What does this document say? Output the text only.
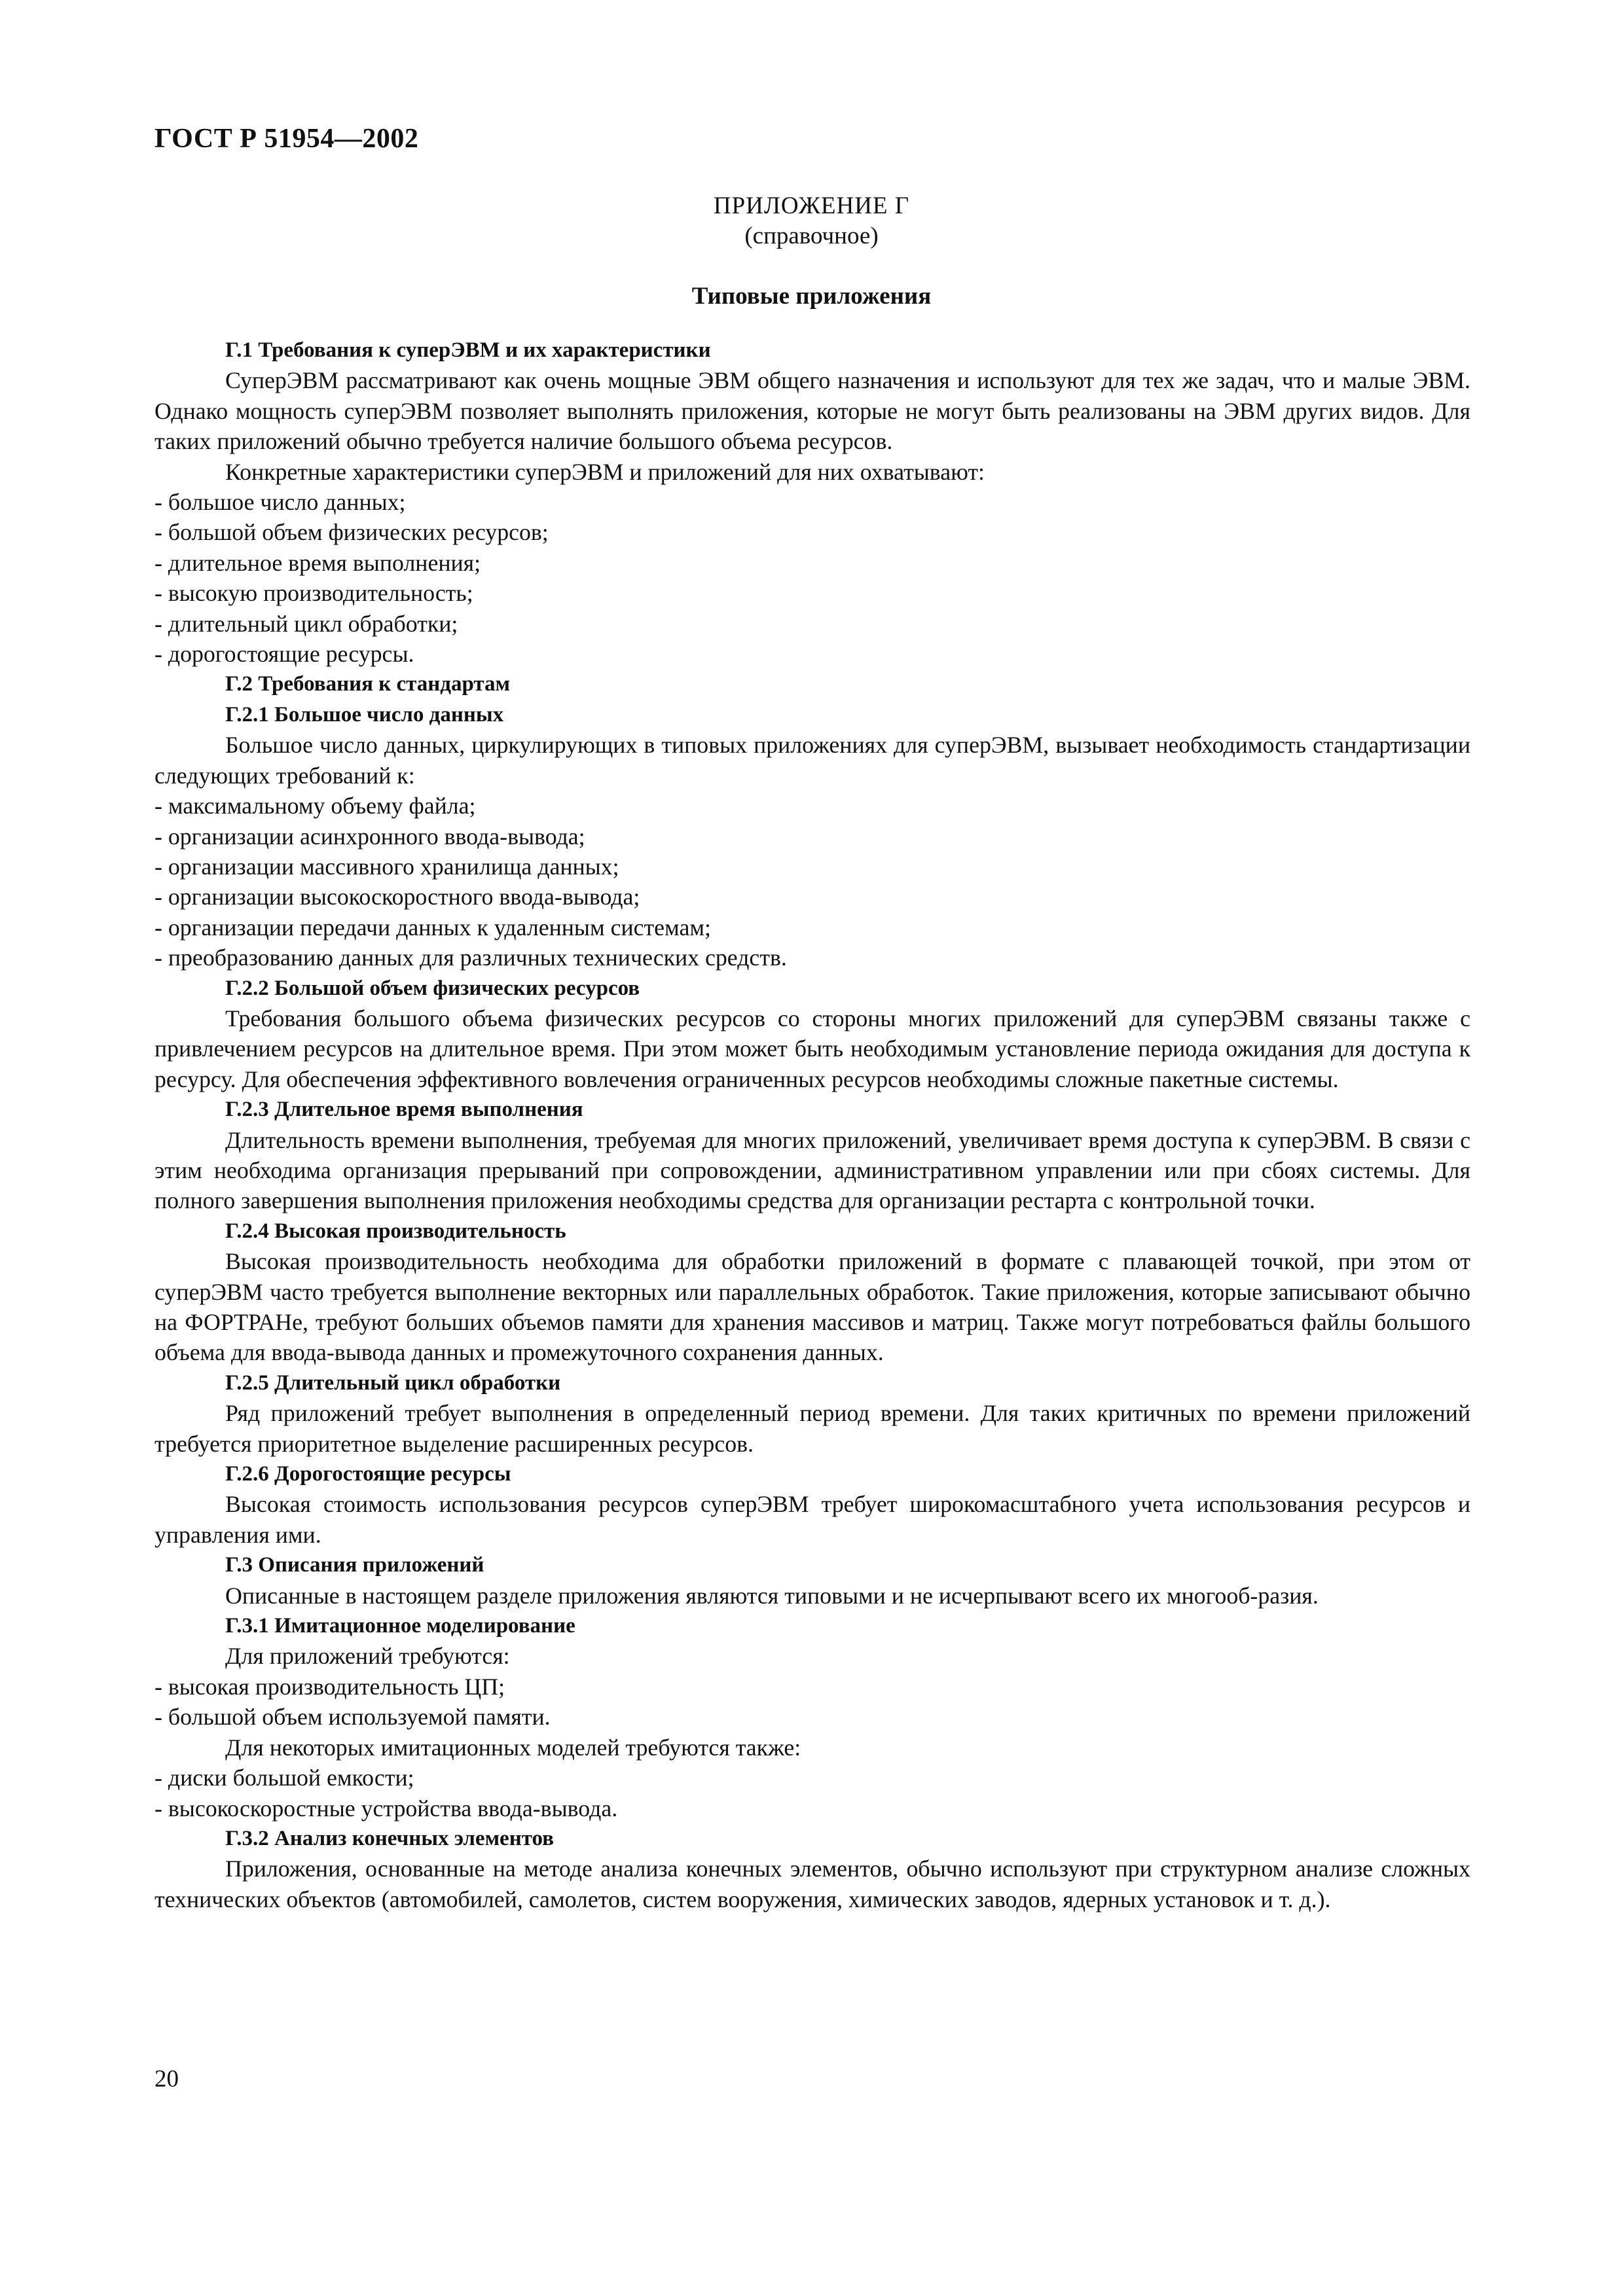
ГОСТ Р 51954—2002
ПРИЛОЖЕНИЕ Г
(справочное)
Типовые приложения

Г.1 Требования к суперЭВМ и их характеристики

СуперЭВМ рассматривают как очень мощные ЭВМ общего назначения и используют для тех же задач, что и малые ЭВМ. Однако мощность суперЭВМ позволяет выполнять приложения, которые не могут быть реализованы на ЭВМ других видов. Для таких приложений обычно требуется наличие большого объема ресурсов.

Конкретные характеристики суперЭВМ и приложений для них охватывают:

- большое число данных;

- большой объем физических ресурсов;

- длительное время выполнения;

- высокую производительность;

- длительный цикл обработки;

- дорогостоящие ресурсы.

Г.2 Требования к стандартам

Г.2.1 Большое число данных

Большое число данных, циркулирующих в типовых приложениях для суперЭВМ, вызывает необходимость стандартизации следующих требований к:

- максимальному объему файла;

- организации асинхронного ввода-вывода;

- организации массивного хранилища данных;

- организации высокоскоростного ввода-вывода;

- организации передачи данных к удаленным системам;

- преобразованию данных для различных технических средств.

Г.2.2 Большой объем физических ресурсов

Требования большого объема физических ресурсов со стороны многих приложений для суперЭВМ связаны также с привлечением ресурсов на длительное время. При этом может быть необходимым установление периода ожидания для доступа к ресурсу. Для обеспечения эффективного вовлечения ограниченных ресурсов необходимы сложные пакетные системы.

Г.2.3 Длительное время выполнения

Длительность времени выполнения, требуемая для многих приложений, увеличивает время доступа к суперЭВМ. В связи с этим необходима организация прерываний при сопровождении, административном управлении или при сбоях системы. Для полного завершения выполнения приложения необходимы средства для организации рестарта с контрольной точки.

Г.2.4 Высокая производительность

Высокая производительность необходима для обработки приложений в формате с плавающей точкой, при этом от суперЭВМ часто требуется выполнение векторных или параллельных обработок. Такие приложения, которые записывают обычно на ФОРТРАНе, требуют больших объемов памяти для хранения массивов и матриц. Также могут потребоваться файлы большого объема для ввода-вывода данных и промежуточного сохранения данных.

Г.2.5 Длительный цикл обработки

Ряд приложений требует выполнения в определенный период времени. Для таких критичных по времени приложений требуется приоритетное выделение расширенных ресурсов.

Г.2.6 Дорогостоящие ресурсы

Высокая стоимость использования ресурсов суперЭВМ требует широкомасштабного учета использования ресурсов и управления ими.

Г.3 Описания приложений

Описанные в настоящем разделе приложения являются типовыми и не исчерпывают всего их многооб-разия.

Г.3.1 Имитационное моделирование

Для приложений требуются:

- высокая производительность ЦП;

- большой объем используемой памяти.

Для некоторых имитационных моделей требуются также:

- диски большой емкости;

- высокоскоростные устройства ввода-вывода.

Г.3.2 Анализ конечных элементов

Приложения, основанные на методе анализа конечных элементов, обычно используют при структурном анализе сложных технических объектов (автомобилей, самолетов, систем вооружения, химических заводов, ядерных установок и т. д.).

20
